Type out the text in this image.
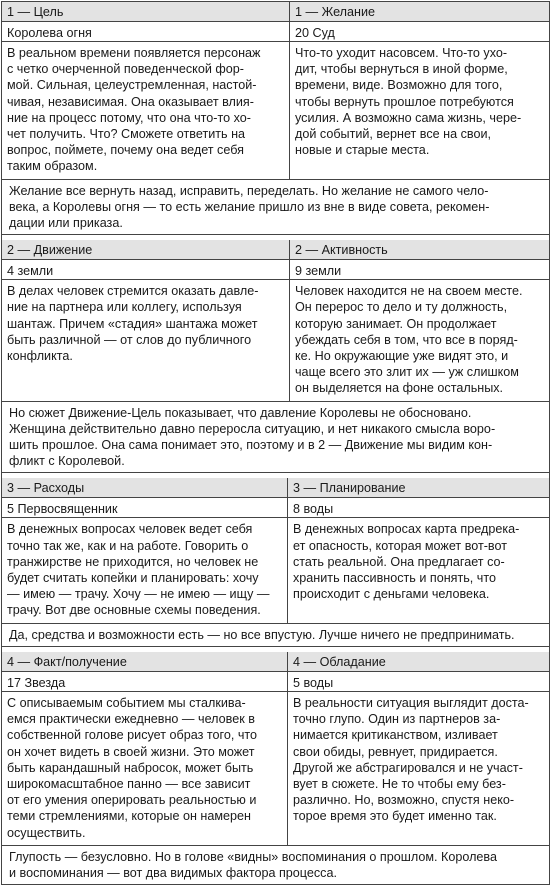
1 — Цель
Королева огня
В реальном времени появляется персонаж
с четко очерченной поведенческой фор-
мой. Сильная, целеустремленная, настой-
чивая, независимая. Она оказывает влия-
ние на процесс потому, что она что-то хо-
чет получить. Что? Сможете ответить на
вопрос, поймете, почему она ведет себя
таким образом.
1 — Желание
20 Суд
Что-то уходит насовсем. Что-то ухо-
дит, чтобы вернуться в иной форме,
времени, виде. Возможно для того,
чтобы вернуть прошлое потребуются
усилия. А возможно сама жизнь, чере-
дой событий, вернет все на свои,
новые и старые места.
Желание все вернуть назад, исправить, переделать. Но желание не самого чело-
века, а Королевы огня — то есть желание пришло из вне в виде совета, рекомен-
дации или приказа.
2 — Движение
4 земли
В делах человек стремится оказать давле-
ние на партнера или коллегу, используя
шантаж. Причем «стадия» шантажа может
быть различной — от слов до публичного
конфликта.
2 — Активность
9 земли
Человек находится не на своем месте.
Он перерос то дело и ту должность,
которую занимает. Он продолжает
убеждать себя в том, что все в поряд-
ке. Но окружающие уже видят это, и
чаще всего это злит их — уж слишком
он выделяется на фоне остальных.
Но сюжет Движение-Цель показывает, что давление Королевы не обосновано.
Женщина действительно давно переросла ситуацию, и нет никакого смысла воро-
шить прошлое. Она сама понимает это, поэтому и в 2 — Движение мы видим кон-
фликт с Королевой.
3 — Расходы
5 Первосвященник
В денежных вопросах человек ведет себя
точно так же, как и на работе. Говорить о
транжирстве не приходится, но человек не
будет считать копейки и планировать: хочу
— имею — трачу. Хочу — не имею — ищу —
трачу. Вот две основные схемы поведения.
3 — Планирование
8 воды
В денежных вопросах карта предрека-
ет опасность, которая может вот-вот
стать реальной. Она предлагает со-
хранить пассивность и понять, что
происходит с деньгами человека.
Да, средства и возможности есть — но все впустую. Лучше ничего не предпринимать.
4 — Факт/получение
17 Звезда
С описываемым событием мы сталкива-
емся практически ежедневно — человек в
собственной голове рисует образ того, что
он хочет видеть в своей жизни. Это может
быть карандашный набросок, может быть
широкомасштабное панно — все зависит
от его умения оперировать реальностью и
теми стремлениями, которые он намерен
осуществить.
4 — Обладание
5 воды
В реальности ситуация выглядит доста-
точно глупо. Один из партнеров за-
нимается критиканством, изливает
свои обиды, ревнует, придирается.
Другой же абстрагировался и не участ-
вует в сюжете. Не то чтобы ему без-
различно. Но, возможно, спустя неко-
торое время это будет именно так.
Глупость — безусловно. Но в голове «видны» воспоминания о прошлом. Королева
и воспоминания — вот два видимых фактора процесса.
